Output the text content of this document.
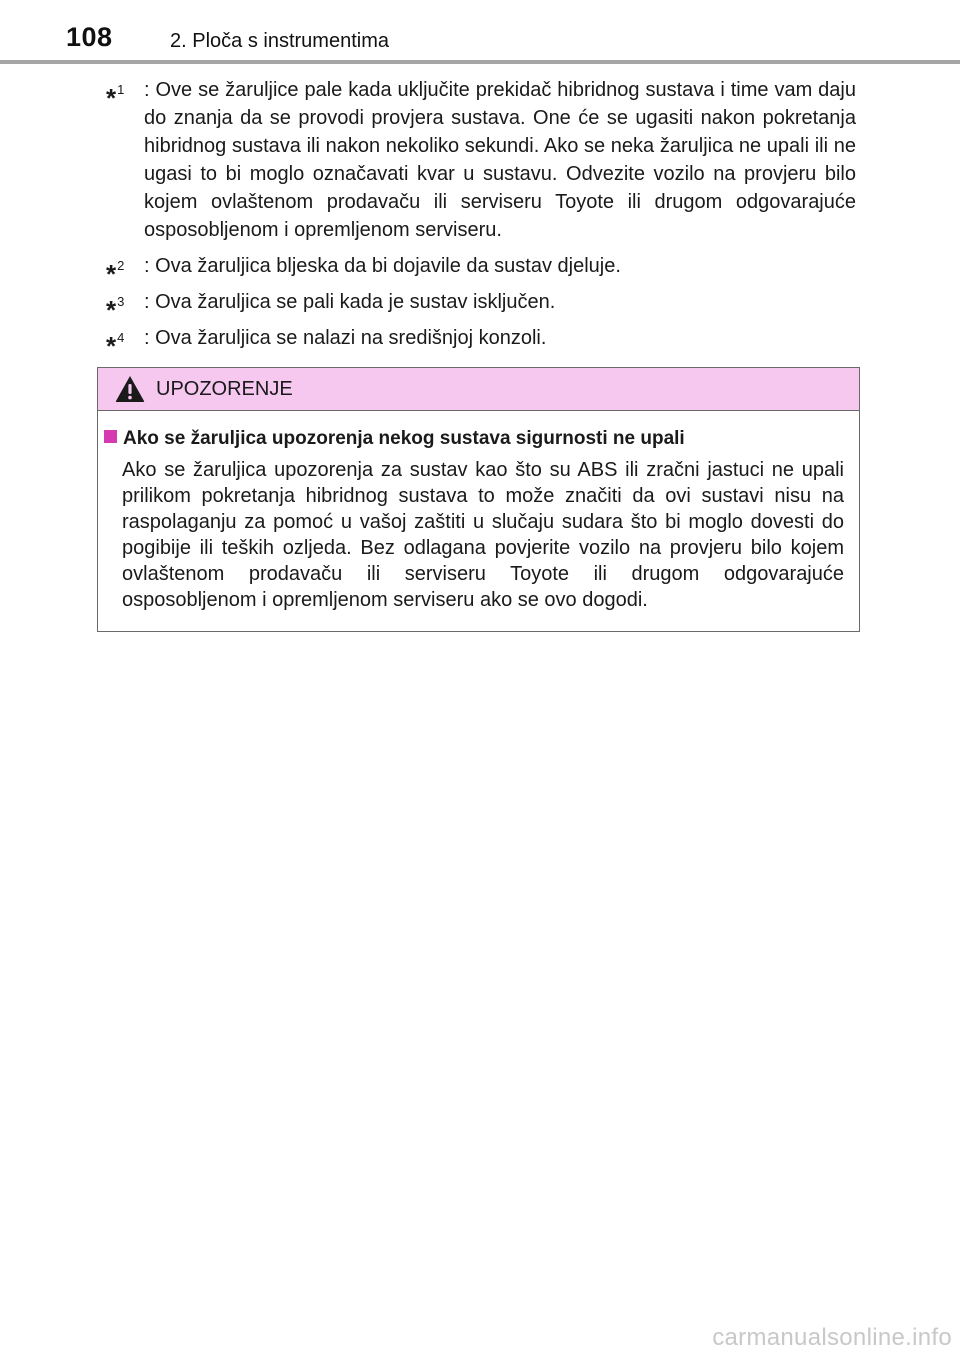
108	2. Ploča s instrumentima
*$^1$ : Ove se žaruljice pale kada uključite prekidač hibridnog sustava i time vam daju do znanja da se provodi provjera sustava. One će se ugasiti nakon pokretanja hibridnog sustava ili nakon nekoliko sekundi. Ako se neka žaruljica ne upali ili ne ugasi to bi moglo označavati kvar u sustavu. Odvezite vozilo na provjeru bilo kojem ovlaštenom prodavaču ili serviseru Toyote ili drugom odgovarajuće osposobljenom i opremljenom serviseru.
*$^2$ : Ova žaruljica bljeska da bi dojavile da sustav djeluje.
*$^3$ : Ova žaruljica se pali kada je sustav isključen.
*$^4$ : Ova žaruljica se nalazi na središnjoj konzoli.
UPOZORENJE
Ako se žaruljica upozorenja nekog sustava sigurnosti ne upali
Ako se žaruljica upozorenja za sustav kao što su ABS ili zračni jastuci ne upali prilikom pokretanja hibridnog sustava to može značiti da ovi sustavi nisu na raspolaganju za pomoć u vašoj zaštiti u slučaju sudara što bi moglo dovesti do pogibije ili teških ozljeda. Bez odlagana povjerite vozilo na provjeru bilo kojem ovlaštenom prodavaču ili serviseru Toyote ili drugom odgovarajuće osposobljenom i opremljenom serviseru ako se ovo dogodi.
carmanualsonline.info
